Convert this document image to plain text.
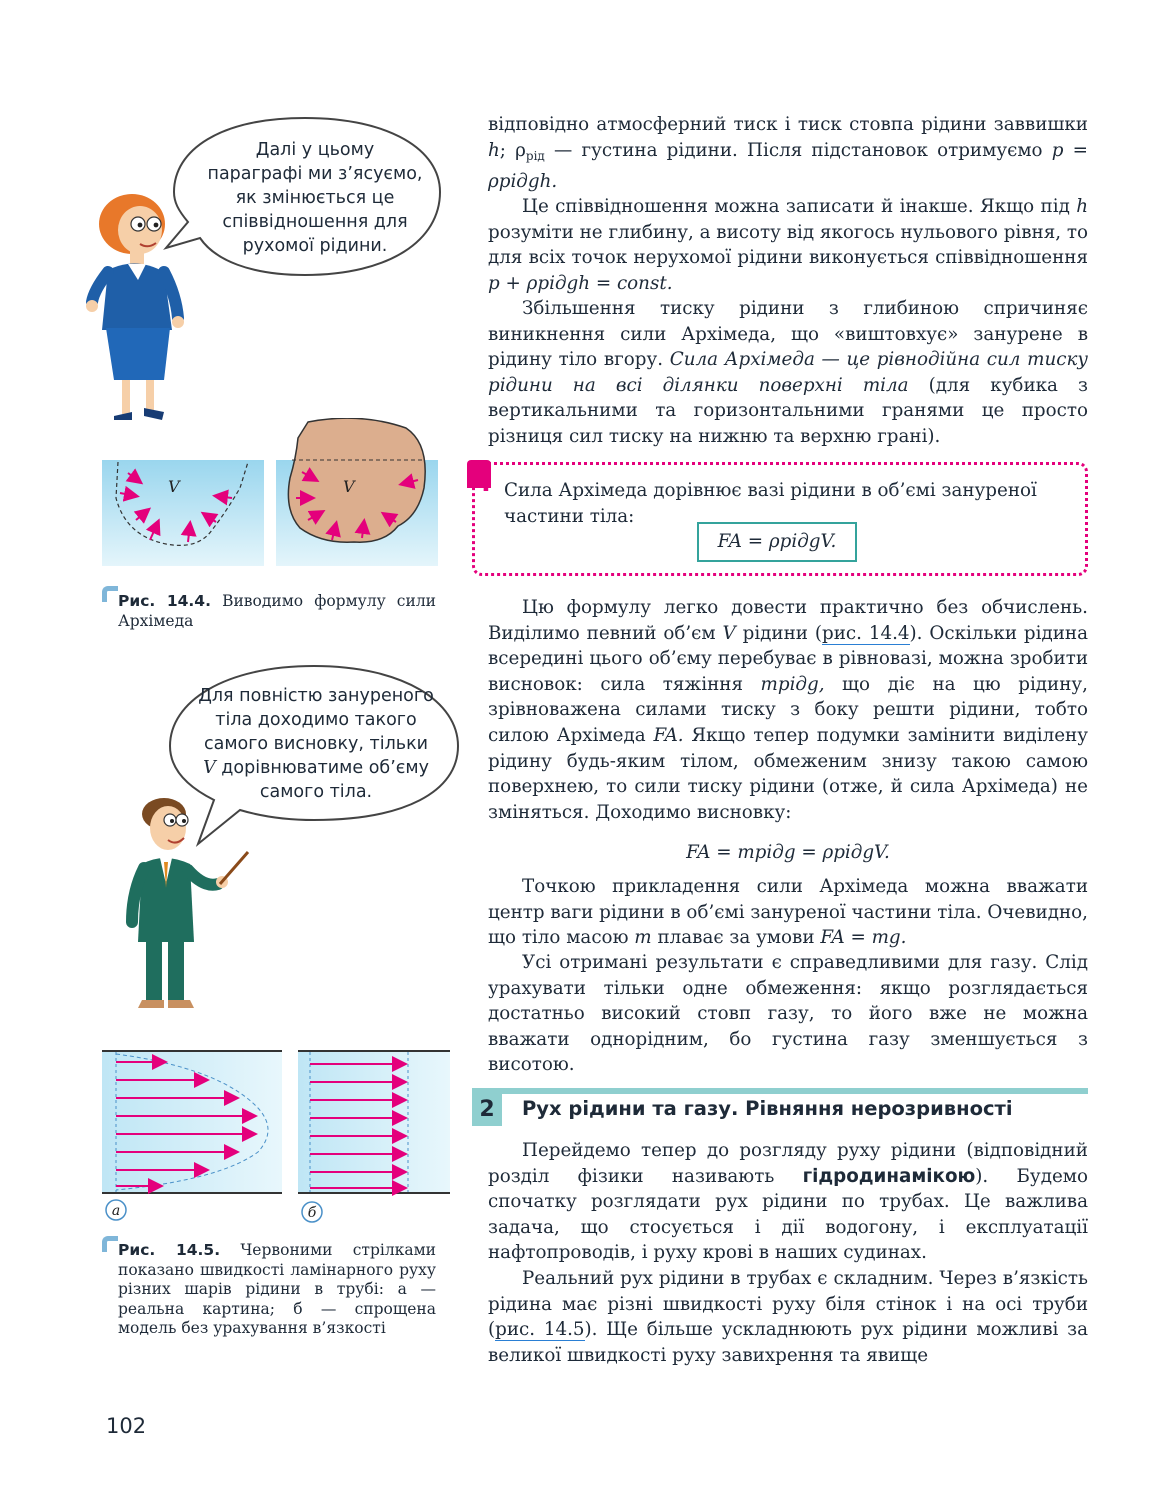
Далі у цьому
параграфі ми з’ясуємо,
як змінюється це
співвідношення для
рухомої рідини.
V	V
Рис. 14.4. Виводимо формулу сили Архімеда
Для повністю зануреного
тіла доходимо такого
самого висновку, тільки
V дорівнюватиме об’єму
самого тіла.
а	б
Рис. 14.5. Червоними стрілками показано швидкості ламінарного руху різних шарів рідини в трубі: а — реальна картина; б — спрощена модель без урахування в’язкості
102
відповідно атмосферний тиск і тиск стовпа рідини заввишки h; $\rho_{рід}$ — густина рідини. Після підстановок отримуємо p = ρрідgh.
Це співвідношення можна записати й інакше. Якщо під h розуміти не глибину, а висоту від якогось нульового рівня, то для всіх точок нерухомої рідини виконується співвідношення p + ρрідgh = const.
Збільшення тиску рідини з глибиною спричиняє виникнення сили Архімеда, що «виштовхує» занурене в рідину тіло вгору. Сила Архімеда — це рівнодійна сил тиску рідини на всі ділянки поверхні тіла (для кубика з вертикальними та горизонтальними гранями це просто різниця сил тиску на нижню та верхню грані).
! Сила Архімеда дорівнює вазі рідини в об’ємі зануреної частини тіла:
FA = ρрідgV.
Цю формулу легко довести практично без обчислень. Виділимо певний об’єм V рідини (рис. 14.4). Оскільки рідина всередині цього об’єму перебуває в рівновазі, можна зробити висновок: сила тяжіння mрідg, що діє на цю рідину, зрівноважена силами тиску з боку решти рідини, тобто силою Архімеда FA. Якщо тепер подумки замінити виділену рідину будь-яким тілом, обмеженим знизу такою самою поверхнею, то сили тиску рідини (отже, й сила Архімеда) не зміняться. Доходимо висновку:
FA = mрідg = ρрідgV.
Точкою прикладення сили Архімеда можна вважати центр ваги рідини в об’ємі зануреної частини тіла. Очевидно, що тіло масою m плаває за умови FA = mg.
Усі отримані результати є справедливими для газу. Слід урахувати тільки одне обмеження: якщо розглядається достатньо високий стовп газу, то його вже не можна вважати однорідним, бо густина газу зменшується з висотою.
2	Рух рідини та газу. Рівняння нерозривності
Перейдемо тепер до розгляду руху рідини (відповідний розділ фізики називають гідродинамікою). Будемо спочатку розглядати рух рідини по трубах. Це важлива задача, що стосується і дії водогону, і експлуатації нафтопроводів, і руху крові в наших судинах.
Реальний рух рідини в трубах є складним. Через в’язкість рідина має різні швидкості руху біля стінок і на осі труби (рис. 14.5). Ще більше ускладнюють рух рідини можливі за великої швидкості руху завихрення та явище
